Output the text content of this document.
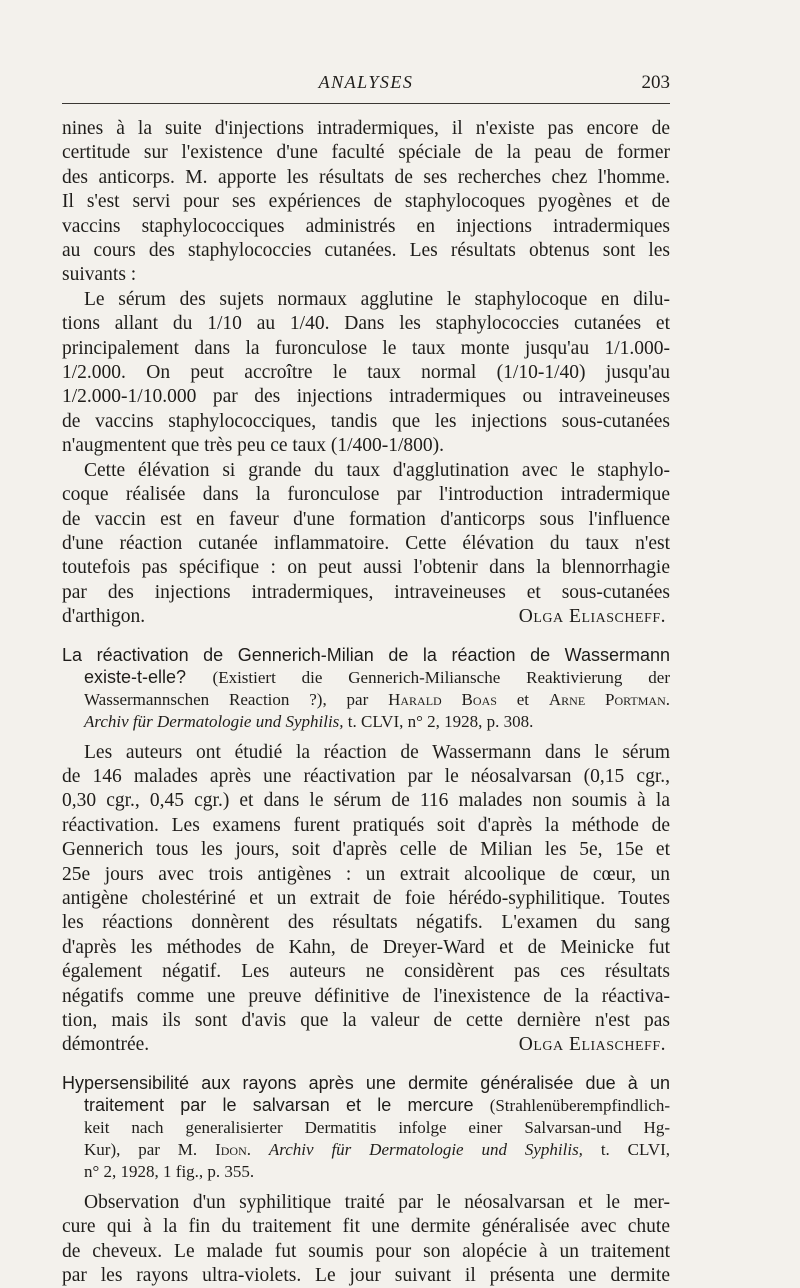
ANALYSES	203
nines à la suite d'injections intradermiques, il n'existe pas encore de
certitude sur l'existence d'une faculté spéciale de la peau de former
des anticorps. M. apporte les résultats de ses recherches chez l'homme.
Il s'est servi pour ses expériences de staphylocoques pyogènes et de
vaccins staphylococciques administrés en injections intradermiques
au cours des staphylococcies cutanées. Les résultats obtenus sont les
suivants :
Le sérum des sujets normaux agglutine le staphylocoque en dilu-
tions allant du 1/10 au 1/40. Dans les staphylococcies cutanées et
principalement dans la furonculose le taux monte jusqu'au 1/1.000-
1/2.000. On peut accroître le taux normal (1/10-1/40) jusqu'au
1/2.000-1/10.000 par des injections intradermiques ou intraveineuses
de vaccins staphylococciques, tandis que les injections sous-cutanées
n'augmentent que très peu ce taux (1/400-1/800).
Cette élévation si grande du taux d'agglutination avec le staphylo-
coque réalisée dans la furonculose par l'introduction intradermique
de vaccin est en faveur d'une formation d'anticorps sous l'influence
d'une réaction cutanée inflammatoire. Cette élévation du taux n'est
toutefois pas spécifique : on peut aussi l'obtenir dans la blennorrhagie
par des injections intradermiques, intraveineuses et sous-cutanées
d'arthigon.	Olga Eliascheff.
La réactivation de Gennerich-Milian de la réaction de Wassermann
existe-t-elle? (Existiert die Gennerich-Miliansche Reaktivierung der
Wassermannschen Reaction ?), par Harald Boas et Arne Portman.
Archiv für Dermatologie und Syphilis, t. CLVI, n° 2, 1928, p. 308.
Les auteurs ont étudié la réaction de Wassermann dans le sérum
de 146 malades après une réactivation par le néosalvarsan (0,15 cgr.,
0,30 cgr., 0,45 cgr.) et dans le sérum de 116 malades non soumis à la
réactivation. Les examens furent pratiqués soit d'après la méthode de
Gennerich tous les jours, soit d'après celle de Milian les 5e, 15e et
25e jours avec trois antigènes : un extrait alcoolique de cœur, un
antigène cholestériné et un extrait de foie hérédo-syphilitique. Toutes
les réactions donnèrent des résultats négatifs. L'examen du sang
d'après les méthodes de Kahn, de Dreyer-Ward et de Meinicke fut
également négatif. Les auteurs ne considèrent pas ces résultats
négatifs comme une preuve définitive de l'inexistence de la réactiva-
tion, mais ils sont d'avis que la valeur de cette dernière n'est pas
démontrée.	Olga Eliascheff.
Hypersensibilité aux rayons après une dermite généralisée due à un
traitement par le salvarsan et le mercure (Strahlenüberempfindlich-
keit nach generalisierter Dermatitis infolge einer Salvarsan-und Hg-
Kur), par M. Idon. Archiv für Dermatologie und Syphilis, t. CLVI,
n° 2, 1928, 1 fig., p. 355.
Observation d'un syphilitique traité par le néosalvarsan et le mer-
cure qui à la fin du traitement fit une dermite généralisée avec chute
de cheveux. Le malade fut soumis pour son alopécie à un traitement
par les rayons ultra-violets. Le jour suivant il présenta une dermite
